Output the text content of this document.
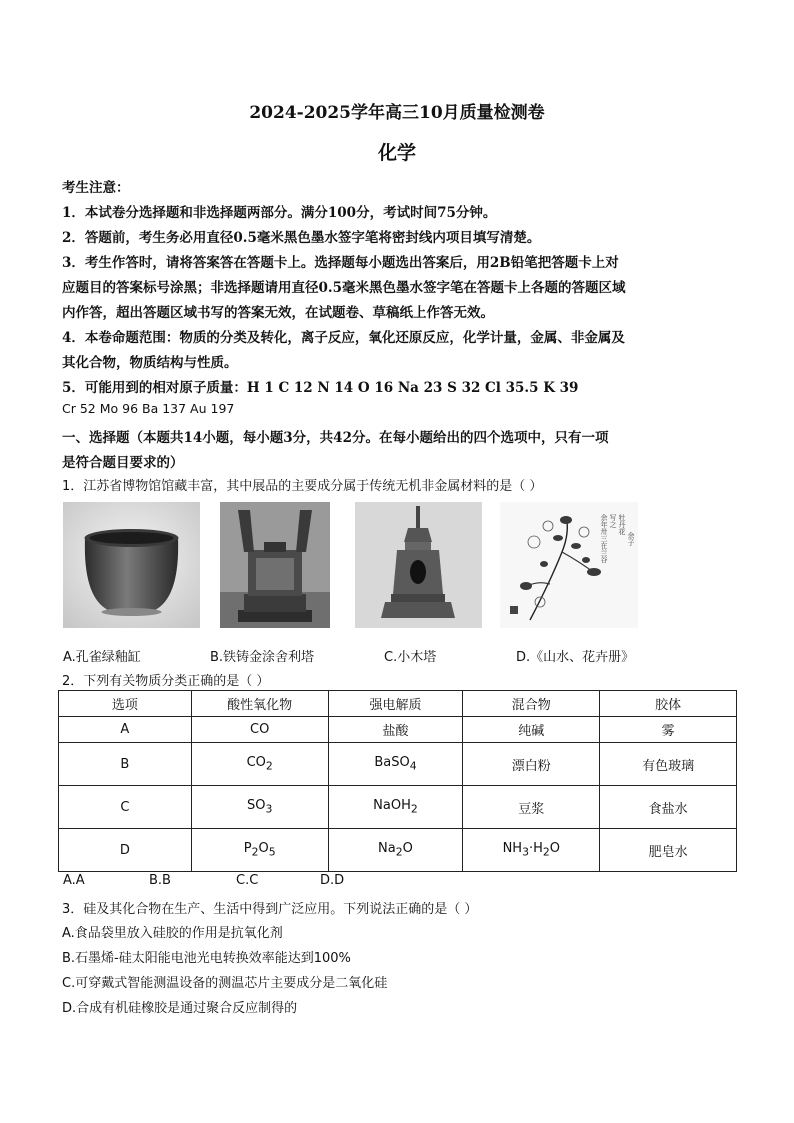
2024-2025学年高三10月质量检测卷
化学
考生注意：
1．本试卷分选择题和非选择题两部分。满分100分，考试时间75分钟。
2．答题前，考生务必用直径0.5毫米黑色墨水签字笔将密封线内项目填写清楚。
3．考生作答时，请将答案答在答题卡上。选择题每小题选出答案后，用2B铅笔把答题卡上对
应题目的答案标号涂黑；非选择题请用直径0.5毫米黑色墨水签字笔在答题卡上各题的答题区域
内作答，超出答题区域书写的答案无效，在试题卷、草稿纸上作答无效。
4．本卷命题范围：物质的分类及转化，离子反应，氧化还原反应，化学计量，金属、非金属及
其化合物，物质结构与性质。
5．可能用到的相对原子质量：H 1 C 12 N 14 O 16 Na 23 S 32 Cl 35.5 K 39
Cr 52 Mo 96 Ba 137 Au 197
一、选择题（本题共14小题，每小题3分，共42分。在每小题给出的四个选项中，只有一项
是符合题目要求的）
1．江苏省博物馆馆藏丰富，其中展品的主要成分属于传统无机非金属材料的是（ ）
余年卅三在兰谷 写之 牡丹花
余子
A.孔雀绿釉缸	B.铁铸金涂舍利塔	C.小木塔	D.《山水、花卉册》
2．下列有关物质分类正确的是（ ）
选项	酸性氧化物	强电解质	混合物	胶体
A	CO	盐酸	纯碱	雾
B	$CO_2$	BaSO$_4$	漂白粉	有色玻璃
C	$SO_3$	NaOH$_2$	豆浆	食盐水
D	$P_2O_5$	$Na_2O$	$NH_3\cdot H_2O$	肥皂水
A.A	B.B	C.C	D.D
3．硅及其化合物在生产、生活中得到广泛应用。下列说法正确的是（ ）
A.食品袋里放入硅胶的作用是抗氧化剂
B.石墨烯-硅太阳能电池光电转换效率能达到100%
C.可穿戴式智能测温设备的测温芯片主要成分是二氧化硅
D.合成有机硅橡胶是通过聚合反应制得的
